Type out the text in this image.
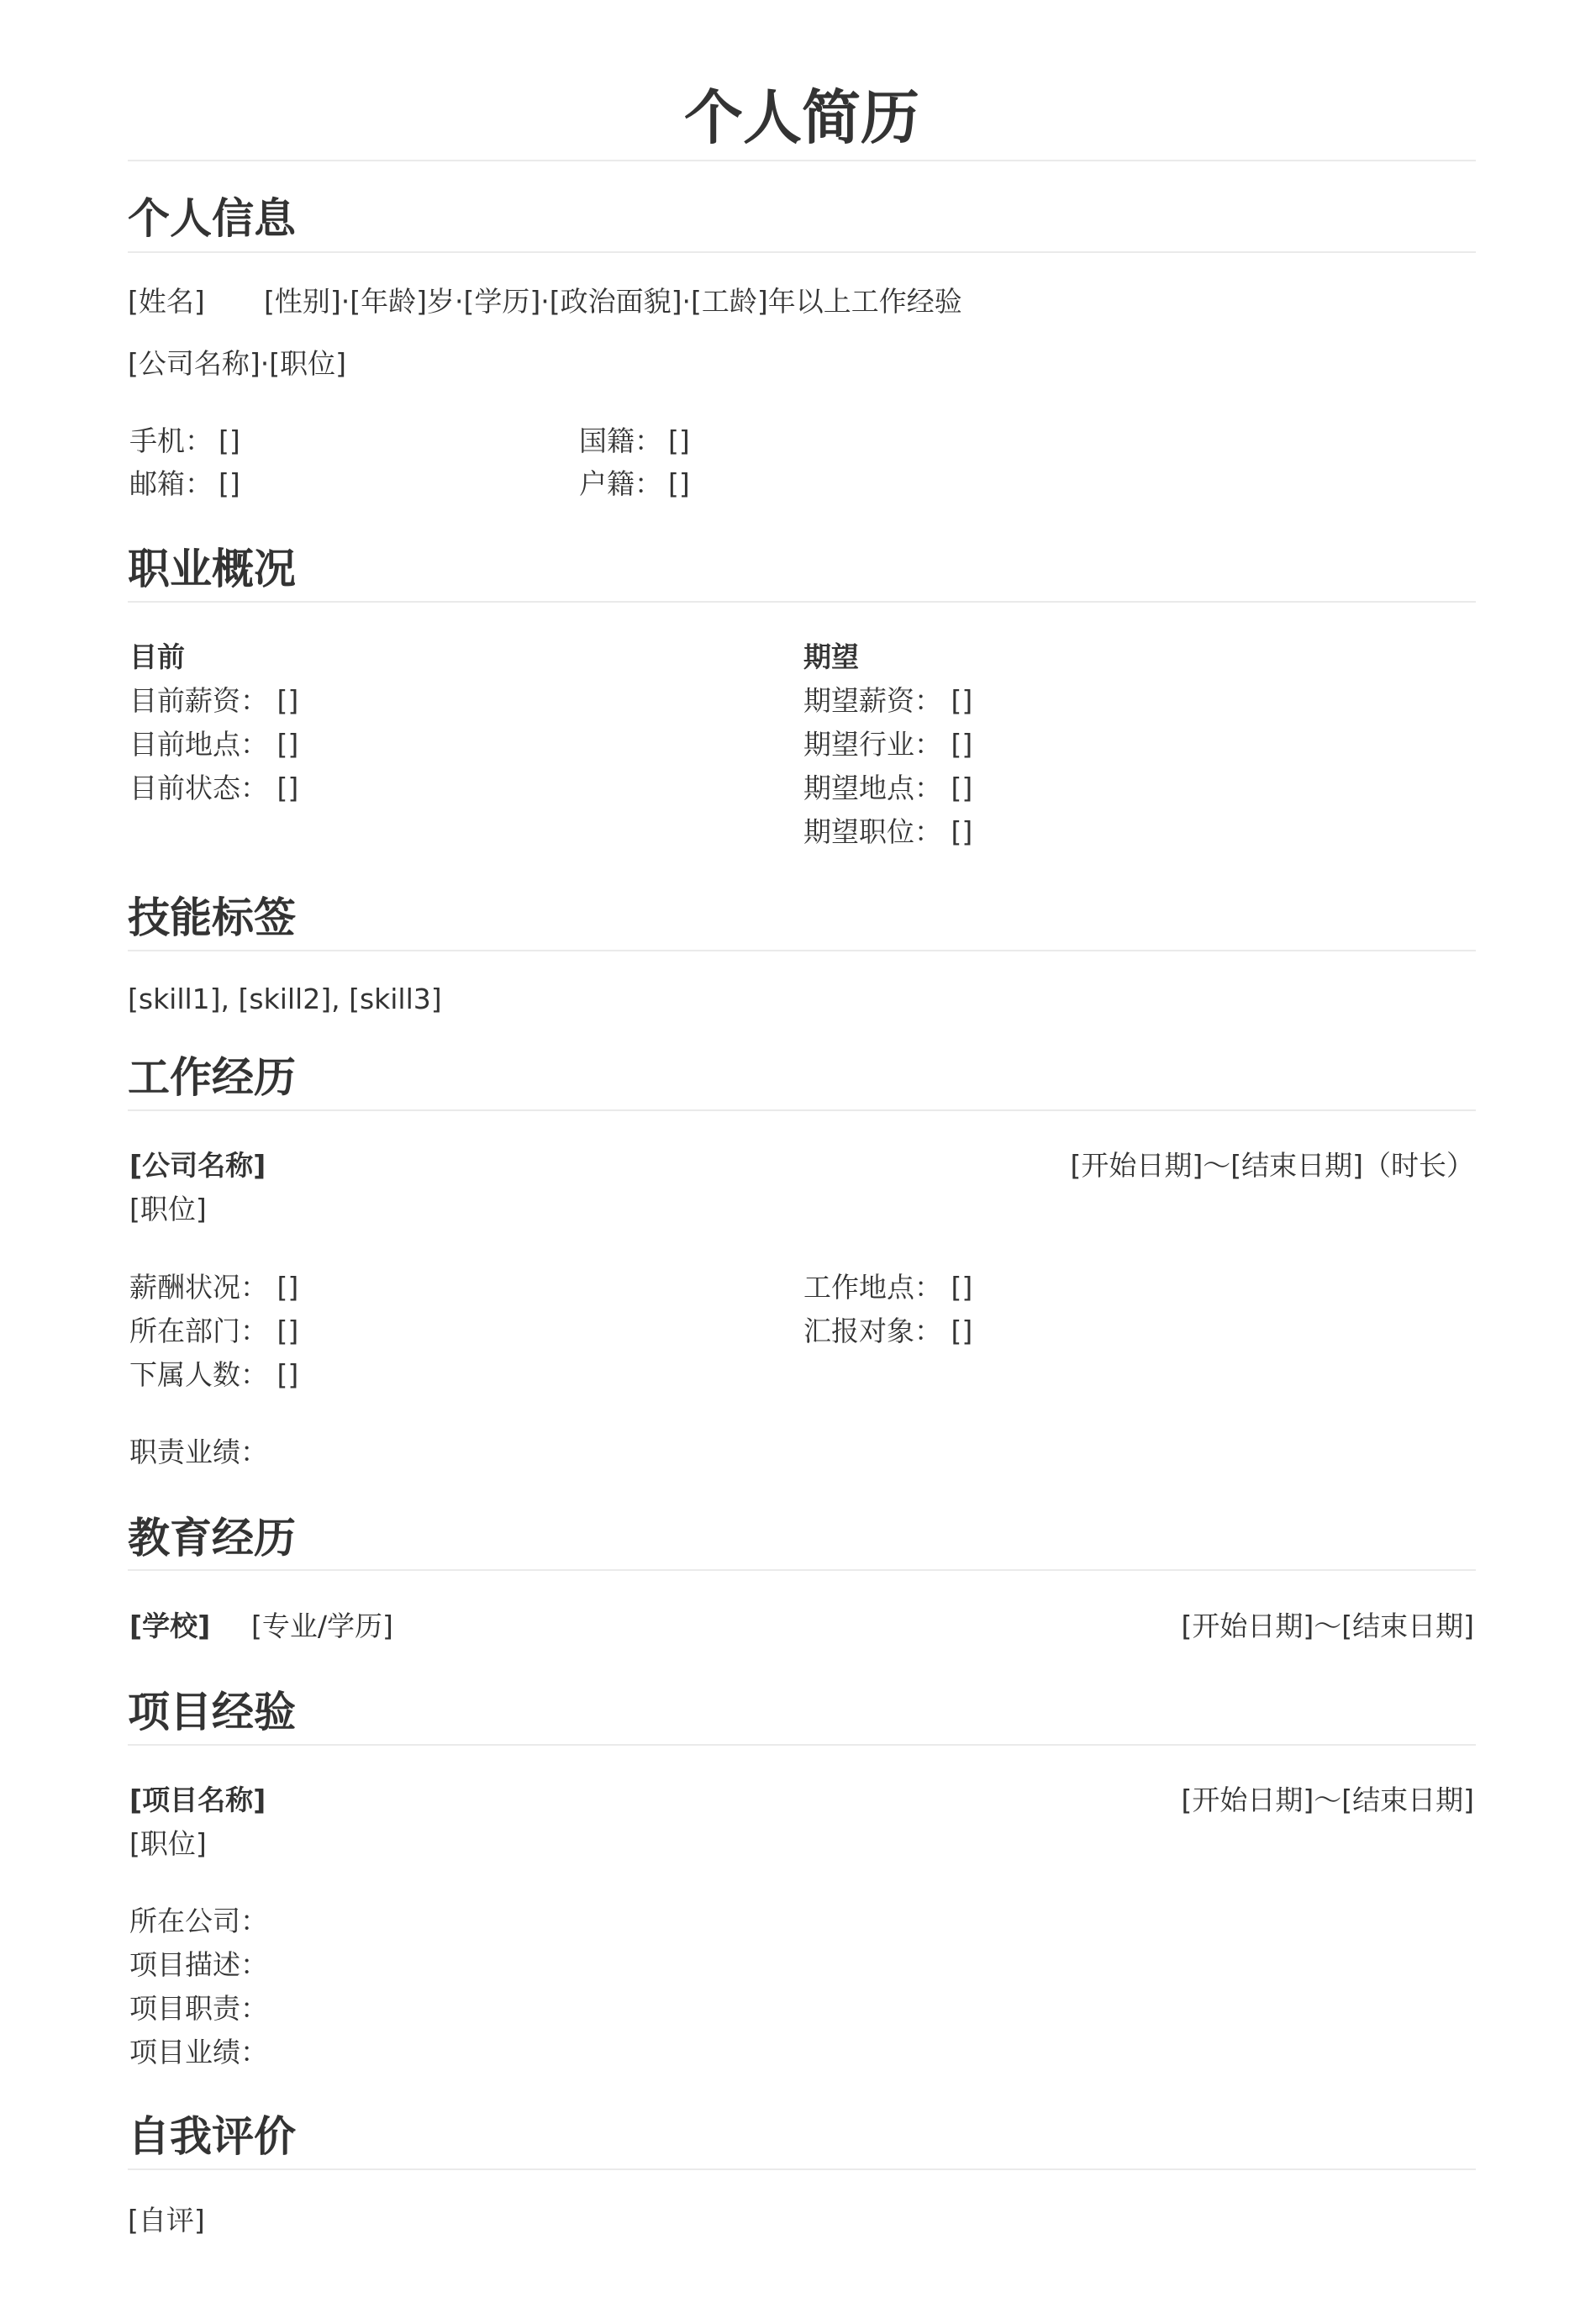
个人简历
个人信息
[姓名] [性别]·[年龄]岁·[学历]·[政治面貌]·[工龄]年以上工作经验
[公司名称]·[职位]
手机： []
邮箱： []
国籍： []
户籍： []
职业概况
目前
目前薪资： []
目前地点： []
目前状态： []
期望
期望薪资： []
期望行业： []
期望地点： []
期望职位： []
技能标签
[skill1], [skill2], [skill3]
工作经历
[公司名称]	[开始日期]～[结束日期]（时长）
[职位]
薪酬状况： []
所在部门： []
下属人数： []
工作地点： []
汇报对象： []
职责业绩：
教育经历
[学校] [专业/学历]	[开始日期]～[结束日期]
项目经验
[项目名称]	[开始日期]～[结束日期]
[职位]
所在公司：
项目描述：
项目职责：
项目业绩：
自我评价
[自评]
